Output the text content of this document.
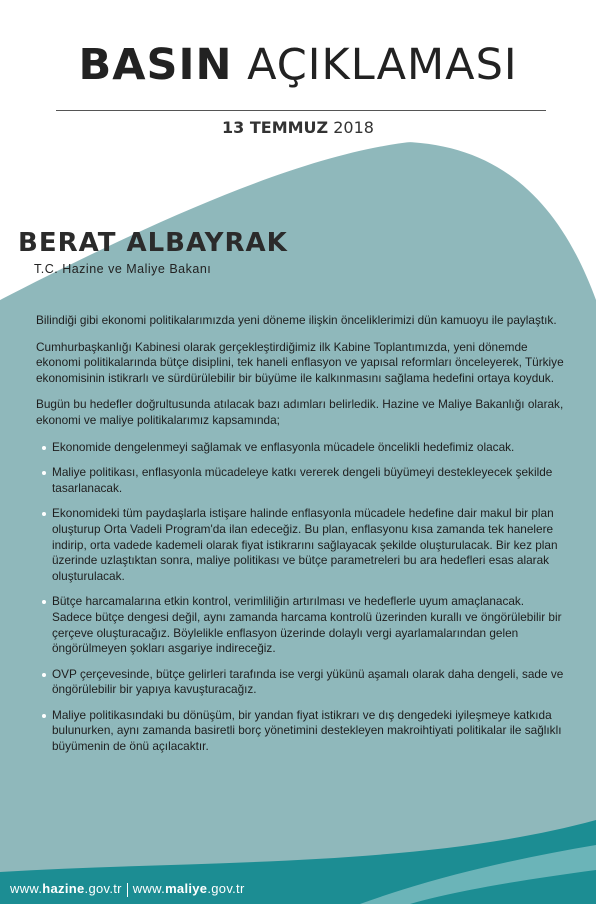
BASIN AÇIKLAMASI
13 TEMMUZ 2018
BERAT ALBAYRAK
T.C. Hazine ve Maliye Bakanı

Bilindiği gibi ekonomi politikalarımızda yeni döneme ilişkin önceliklerimizi dün kamuoyu ile paylaştık.

Cumhurbaşkanlığı Kabinesi olarak gerçekleştirdiğimiz ilk Kabine Toplantımızda, yeni dönemde ekonomi politikalarında bütçe disiplini, tek haneli enflasyon ve yapısal reformları önceleyerek, Türkiye ekonomisinin istikrarlı ve sürdürülebilir bir büyüme ile kalkınmasını sağlama hedefini ortaya koyduk.

Bugün bu hedefler doğrultusunda atılacak bazı adımları belirledik. Hazine ve Maliye Bakanlığı olarak, ekonomi ve maliye politikalarımız kapsamında;

Ekonomide dengelenmeyi sağlamak ve enflasyonla mücadele öncelikli hedefimiz olacak.
Maliye politikası, enflasyonla mücadeleye katkı vererek dengeli büyümeyi destekleyecek şekilde tasarlanacak.
Ekonomideki tüm paydaşlarla istişare halinde enflasyonla mücadele hedefine dair makul bir plan oluşturup Orta Vadeli Program'da ilan edeceğiz. Bu plan, enflasyonu kısa zamanda tek hanelere indirip, orta vadede kademeli olarak fiyat istikrarını sağlayacak şekilde oluşturulacak. Bir kez plan üzerinde uzlaştıktan sonra, maliye politikası ve bütçe parametreleri bu ara hedefleri esas alarak oluşturulacak.
Bütçe harcamalarına etkin kontrol, verimliliğin artırılması ve hedeflerle uyum amaçlanacak. Sadece bütçe dengesi değil, aynı zamanda harcama kontrolü üzerinden kurallı ve öngörülebilir bir çerçeve oluşturacağız. Böylelikle enflasyon üzerinde dolaylı vergi ayarlamalarından gelen öngörülmeyen şokları asgariye indireceğiz.
OVP çerçevesinde, bütçe gelirleri tarafında ise vergi yükünü aşamalı olarak daha dengeli, sade ve öngörülebilir bir yapıya kavuşturacağız.
Maliye politikasındaki bu dönüşüm, bir yandan fiyat istikrarı ve dış dengedeki iyileşmeye katkıda bulunurken, aynı zamanda basiretli borç yönetimini destekleyen makroihtiyati politikalar ile sağlıklı büyümenin de önü açılacaktır.
www.hazine.gov.tr www.maliye.gov.tr
